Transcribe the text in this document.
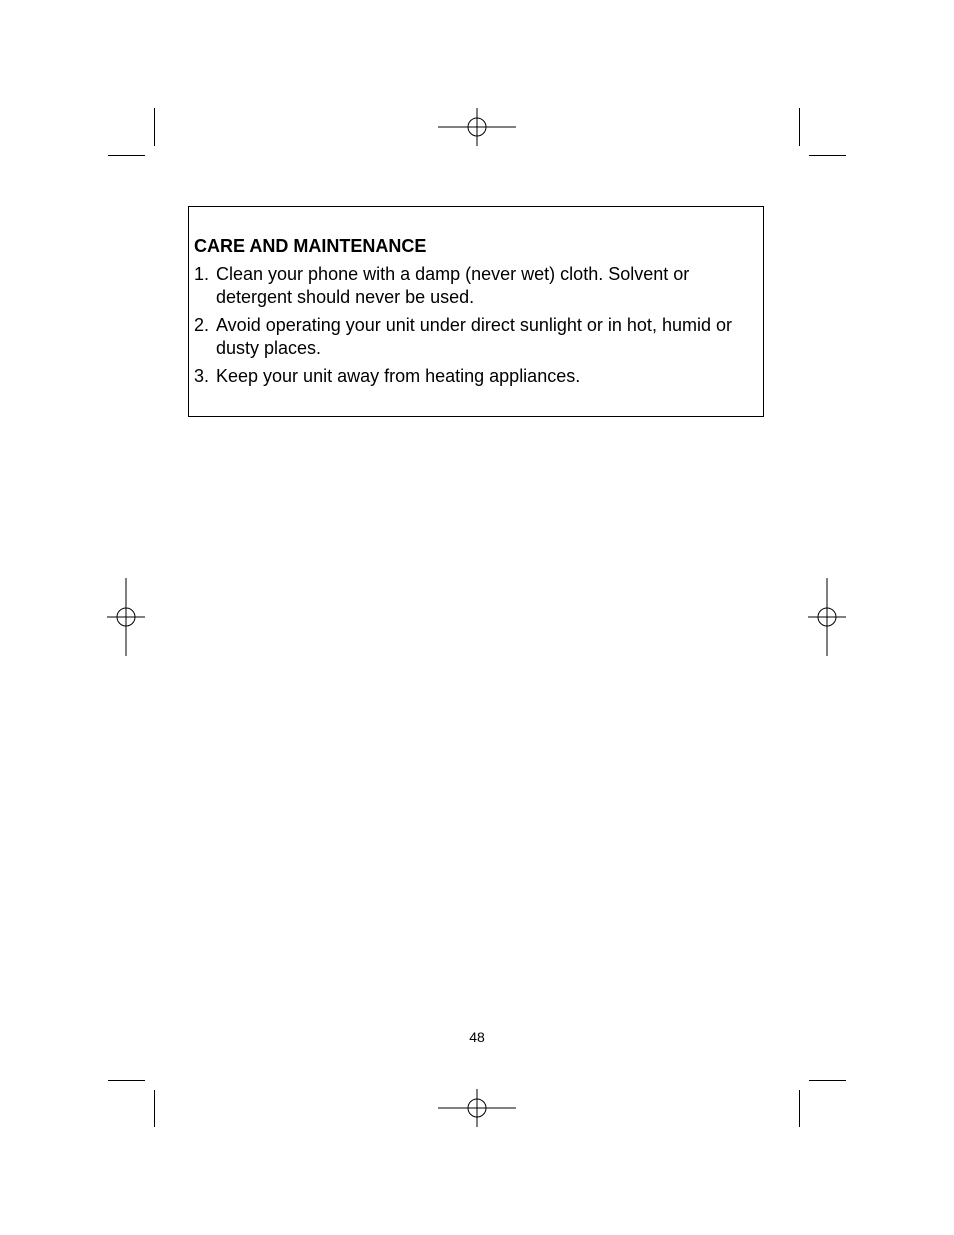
CARE AND MAINTENANCE
1. Clean your phone with a damp (never wet) cloth. Solvent or detergent should never be used.
2. Avoid operating your unit under direct sunlight or in hot, humid or dusty places.
3. Keep your unit away from heating appliances.
48
